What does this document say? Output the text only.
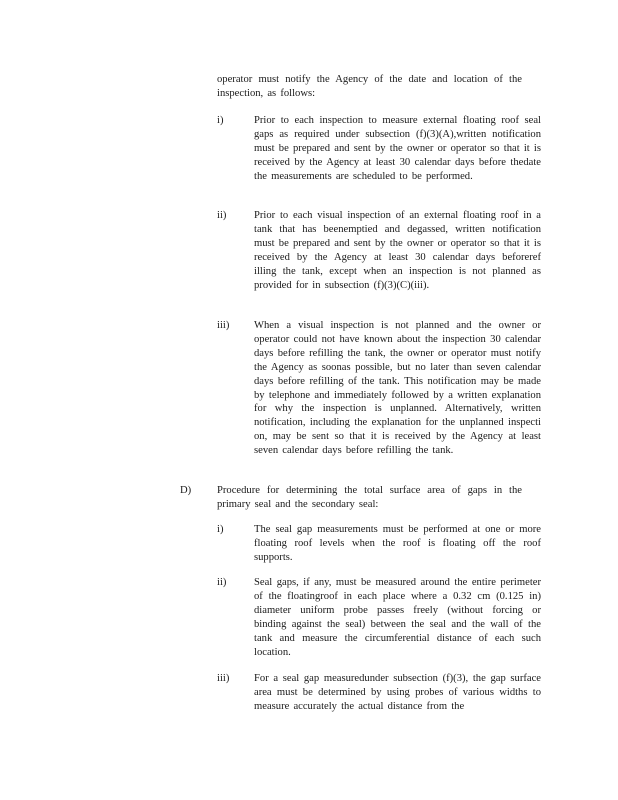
operator must notify the Agency of the date and location of the inspection, as follows:

i)	Prior to each inspection to measure external floating roof seal gaps as required under subsection (f)(3)(A),written notification must be prepared and sent by the owner or operator so that it is received by the Agency at least 30 calendar days before thedate the measurements are scheduled to be performed.

ii)	Prior to each visual inspection of an external floating roof in a tank that has beenemptied and degassed, written notification must be prepared and sent by the owner or operator so that it is received by the Agency at least 30 calendar days beforeref illing the tank, except when an inspection is not planned as provided for in subsection (f)(3)(C)(iii).

iii) When a visual inspection is not planned and the owner or operator could not have known about the inspection 30 calendar days before refilling the tank, the owner or operator must notify the Agency as soonas possible, but no later than seven calendar days before refilling of the tank. This notification may be made by telephone and immediately followed by a written explanation for why the inspection is unplanned. Alternatively, written notification, including the explanation for the unplanned inspecti on, may be sent so that it is received by the Agency at least seven calendar days before refilling the tank.

D) Procedure for determining the total surface area of gaps in the primary seal and the secondary seal:

i)	The seal gap measurements must be performed at one or more floating roof levels when the roof is floating off the roof supports.

ii)	Seal gaps, if any, must be measured around the entire perimeter of the floatingroof in each place where a 0.32 cm (0.125 in) diameter uniform probe passes freely (without forcing or binding against the seal) between the seal and the wall of the tank and measure the circumferential distance of each such location.

iii) For a seal gap measuredunder subsection (f)(3), the gap surface area must be determined by using probes of various widths to measure accurately the actual distance from the
